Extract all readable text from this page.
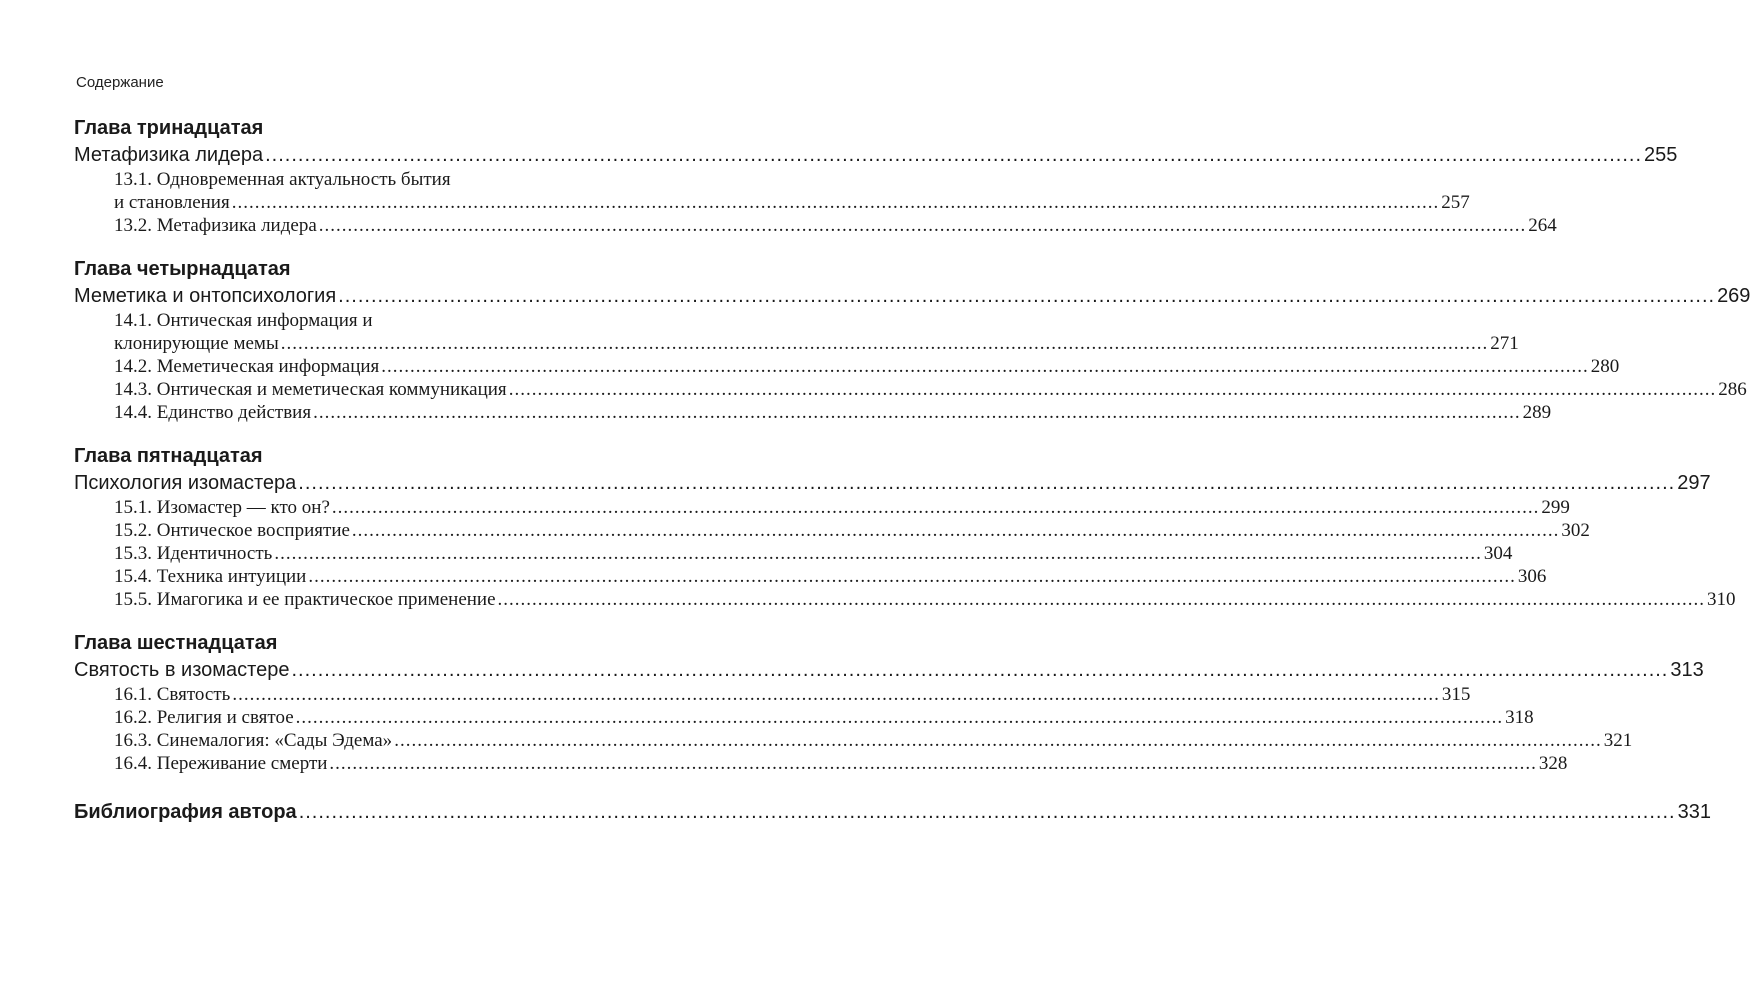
Содержание
Глава тринадцатая
Метафизика лидера .................................................................................................................................................................................................................. 255
13.1. Одновременная актуальность бытия
и становления .................................................................................................................................................................................................................. 257
13.2. Метафизика лидера .................................................................................................................................................................................................................. 264
Глава четырнадцатая
Меметика и онтопсихология .................................................................................................................................................................................................................. 269
14.1. Онтическая информация и
клонирующие мемы .................................................................................................................................................................................................................. 271
14.2. Меметическая информация .................................................................................................................................................................................................................. 280
14.3. Онтическая и меметическая коммуникация .................................................................................................................................................................................................................. 286
14.4. Единство действия .................................................................................................................................................................................................................. 289
Глава пятнадцатая
Психология изомастера .................................................................................................................................................................................................................. 297
15.1. Изомастер — кто он? .................................................................................................................................................................................................................. 299
15.2. Онтическое восприятие .................................................................................................................................................................................................................. 302
15.3. Идентичность .................................................................................................................................................................................................................. 304
15.4. Техника интуиции .................................................................................................................................................................................................................. 306
15.5. Имагогика и ее практическое применение .................................................................................................................................................................................................................. 310
Глава шестнадцатая
Святость в изомастере .................................................................................................................................................................................................................. 313
16.1. Святость .................................................................................................................................................................................................................. 315
16.2. Религия и святое .................................................................................................................................................................................................................. 318
16.3. Синемалогия: «Сады Эдема» .................................................................................................................................................................................................................. 321
16.4. Переживание смерти .................................................................................................................................................................................................................. 328
Библиография автора .................................................................................................................................................................................................................. 331
